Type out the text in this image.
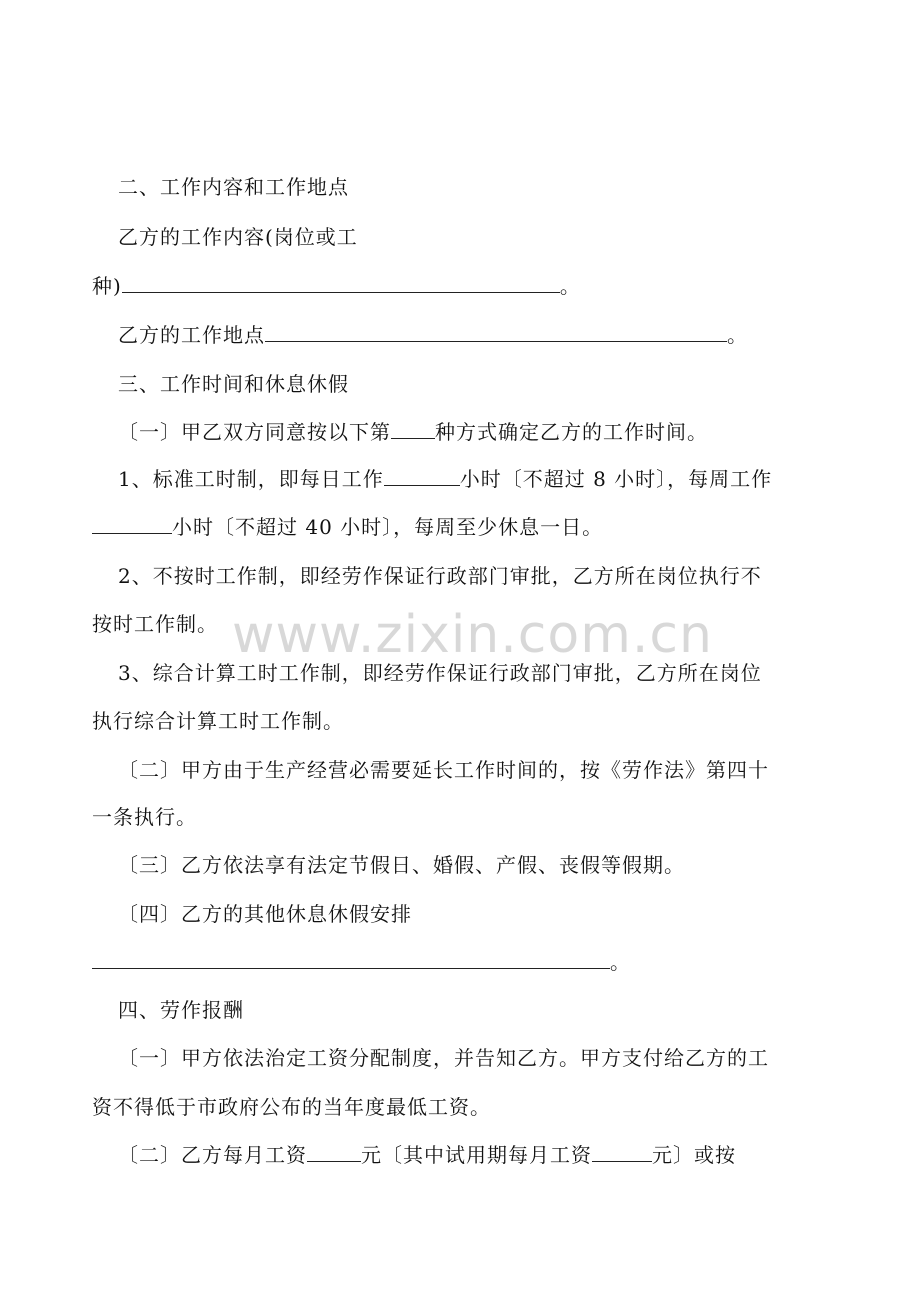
www.zixin.com.cn
二、工作内容和工作地点
乙方的工作内容(岗位或工
种)	。
乙方的工作地点	。
三、工作时间和休息休假
〔一〕甲乙双方同意按以下第 种方式确定乙方的工作时间。
1、标准工时制，即每日工作	小时〔不超过 8 小时〕，每周工作
小时〔不超过 40 小时〕，每周至少休息一日。
2、不按时工作制，即经劳作保证行政部门审批，乙方所在岗位执行不
按时工作制。
3、综合计算工时工作制，即经劳作保证行政部门审批，乙方所在岗位
执行综合计算工时工作制。
〔二〕甲方由于生产经营必需要延长工作时间的，按《劳作法》第四十
一条执行。
〔三〕乙方依法享有法定节假日、婚假、产假、丧假等假期。
〔四〕乙方的其他休息休假安排
。
四、劳作报酬
〔一〕甲方依法治定工资分配制度，并告知乙方。甲方支付给乙方的工
资不得低于市政府公布的当年度最低工资。
〔二〕乙方每月工资	元〔其中试用期每月工资	元〕或按
